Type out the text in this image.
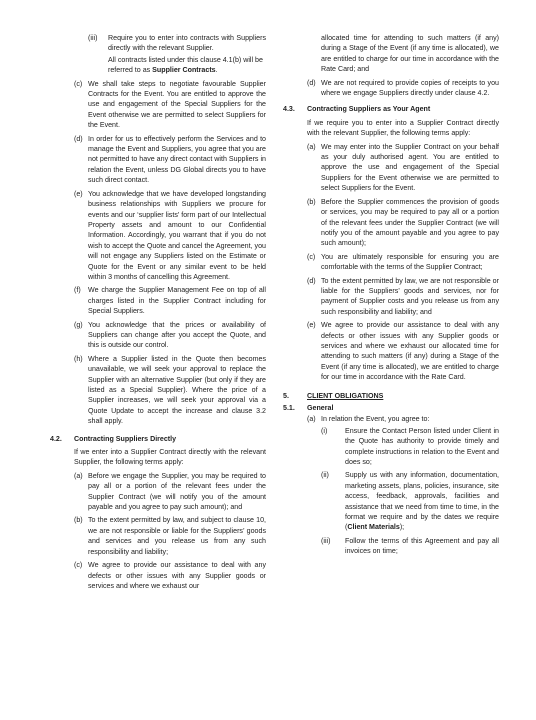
(iii) Require you to enter into contracts with Suppliers directly with the relevant Supplier.

All contracts listed under this clause 4.1(b) will be referred to as Supplier Contracts.

(c) We shall take steps to negotiate favourable Supplier Contracts for the Event. You are entitled to approve the use and engagement of the Special Suppliers for the Event otherwise we are permitted to select Suppliers for the Event.
(d) In order for us to effectively perform the Services and to manage the Event and Suppliers, you agree that you are not permitted to have any direct contact with Suppliers in relation the Event, unless DG Global directs you to have such direct contact.
(e) You acknowledge that we have developed longstanding business relationships with Suppliers we procure for events and our ‘supplier lists’ form part of our Intellectual Property assets and amount to our Confidential Information. Accordingly, you warrant that if you do not wish to accept the Quote and cancel the Agreement, you will not engage any Suppliers listed on the Estimate or Quote for the Event or any similar event to be held within 3 months of cancelling this Agreement.
(f) We charge the Supplier Management Fee on top of all charges listed in the Supplier Contract including for Special Suppliers.
(g) You acknowledge that the prices or availability of Suppliers can change after you accept the Quote, and this is outside our control.
(h) Where a Supplier listed in the Quote then becomes unavailable, we will seek your approval to replace the Supplier with an alternative Supplier (but only if they are listed as a Special Supplier). Where the price of a Supplier increases, we will seek your approval via a Quote Update to accept the increase and clause 3.2 shall apply.
4.2. Contracting Suppliers Directly
If we enter into a Supplier Contract directly with the relevant Supplier, the following terms apply:
(a) Before we engage the Supplier, you may be required to pay all or a portion of the relevant fees under the Supplier Contract (we will notify you of the amount payable and you agree to pay such amount); and
(b) To the extent permitted by law, and subject to clause 10, we are not responsible or liable for the Suppliers’ goods and services and you release us from any such responsibility and liability;
(c) We agree to provide our assistance to deal with any defects or other issues with any Supplier goods or services and where we exhaust our
allocated time for attending to such matters (if any) during a Stage of the Event (if any time is allocated), we are entitled to charge for our time in accordance with the Rate Card; and
(d) We are not required to provide copies of receipts to you where we engage Suppliers directly under clause 4.2.
4.3. Contracting Suppliers as Your Agent
If we require you to enter into a Supplier Contract directly with the relevant Supplier, the following terms apply:
(a) We may enter into the Supplier Contract on your behalf as your duly authorised agent. You are entitled to approve the use and engagement of the Special Suppliers for the Event otherwise we are permitted to select Suppliers for the Event.
(b) Before the Supplier commences the provision of goods or services, you may be required to pay all or a portion of the relevant fees under the Supplier Contract (we will notify you of the amount payable and you agree to pay such amount);
(c) You are ultimately responsible for ensuring you are comfortable with the terms of the Supplier Contract;
(d) To the extent permitted by law, we are not responsible or liable for the Suppliers’ goods and services, nor for payment of Supplier costs and you release us from any such responsibility and liability; and
(e) We agree to provide our assistance to deal with any defects or other issues with any Supplier goods or services and where we exhaust our allocated time for attending to such matters (if any) during a Stage of the Event (if any time is allocated), we are entitled to charge for our time in accordance with the Rate Card.
5.	CLIENT OBLIGATIONS
5.1. General
(a) In relation the Event, you agree to:
(i) Ensure the Contact Person listed under Client in the Quote has authority to provide timely and complete instructions in relation to the Event and does so;
(ii) Supply us with any information, documentation, marketing assets, plans, policies, insurance, site access, feedback, approvals, facilities and assistance that we need from time to time, in the format we require and by the dates we require (Client Materials);
(iii) Follow the terms of this Agreement and pay all invoices on time;
